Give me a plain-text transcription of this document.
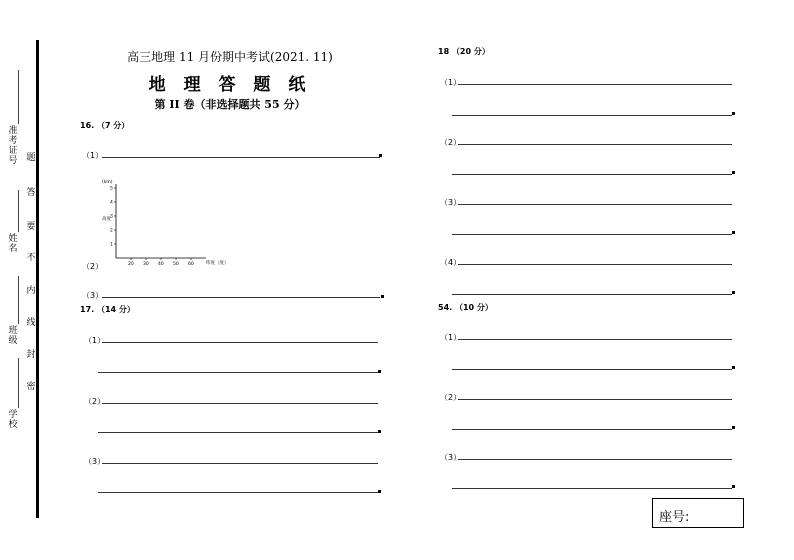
准考证号
姓名
班级
学校
题
答
要
不
内
线
封
密
高三地理 11 月份期中考试(2021. 11)
地 理 答 题 纸
第 II 卷（非选择题共 55 分）
16. （7 分）
（1）
(km)
高度
纬度（度）
20 30 40 50 60
1
2
3
4
5
（2）
（3）
17. （14 分）
（1）
（2）
（3）
18 （20 分）
（1）
（2）
（3）
（4）
54. （10 分）
（1）
（2）
（3）
座号:
